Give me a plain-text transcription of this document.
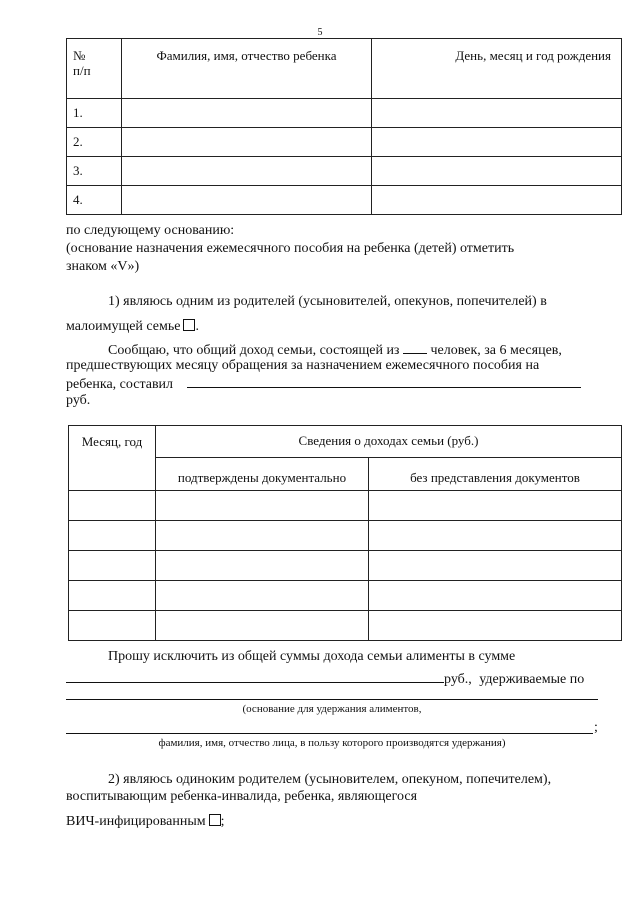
5
№
п/п	Фамилия, имя, отчество ребенка	День, месяц и год рождения
1.		
2.		
3.		
4.		
по следующему основанию:
(основание назначения ежемесячного пособия на ребенка (детей) отметить
знаком «V»)
1) являюсь одним из родителей (усыновителей, опекунов, попечителей) в
малоимущей семье .
Сообщаю, что общий доход семьи, состоящей из человек, за 6 месяцев,
предшествующих месяцу обращения за назначением ежемесячного пособия на
ребенка, составил
руб.
Месяц, год	Сведения о доходах семьи (руб.)	
	подтверждены документально	без представления документов

Прошу исключить из общей суммы дохода семьи алименты в сумме
руб., удерживаемые по
(основание для удержания алиментов,
;
фамилия, имя, отчество лица, в пользу которого производятся удержания)
2) являюсь одиноким родителем (усыновителем, опекуном, попечителем),
воспитывающим ребенка-инвалида, ребенка, являющегося
ВИЧ-инфицированным ;
